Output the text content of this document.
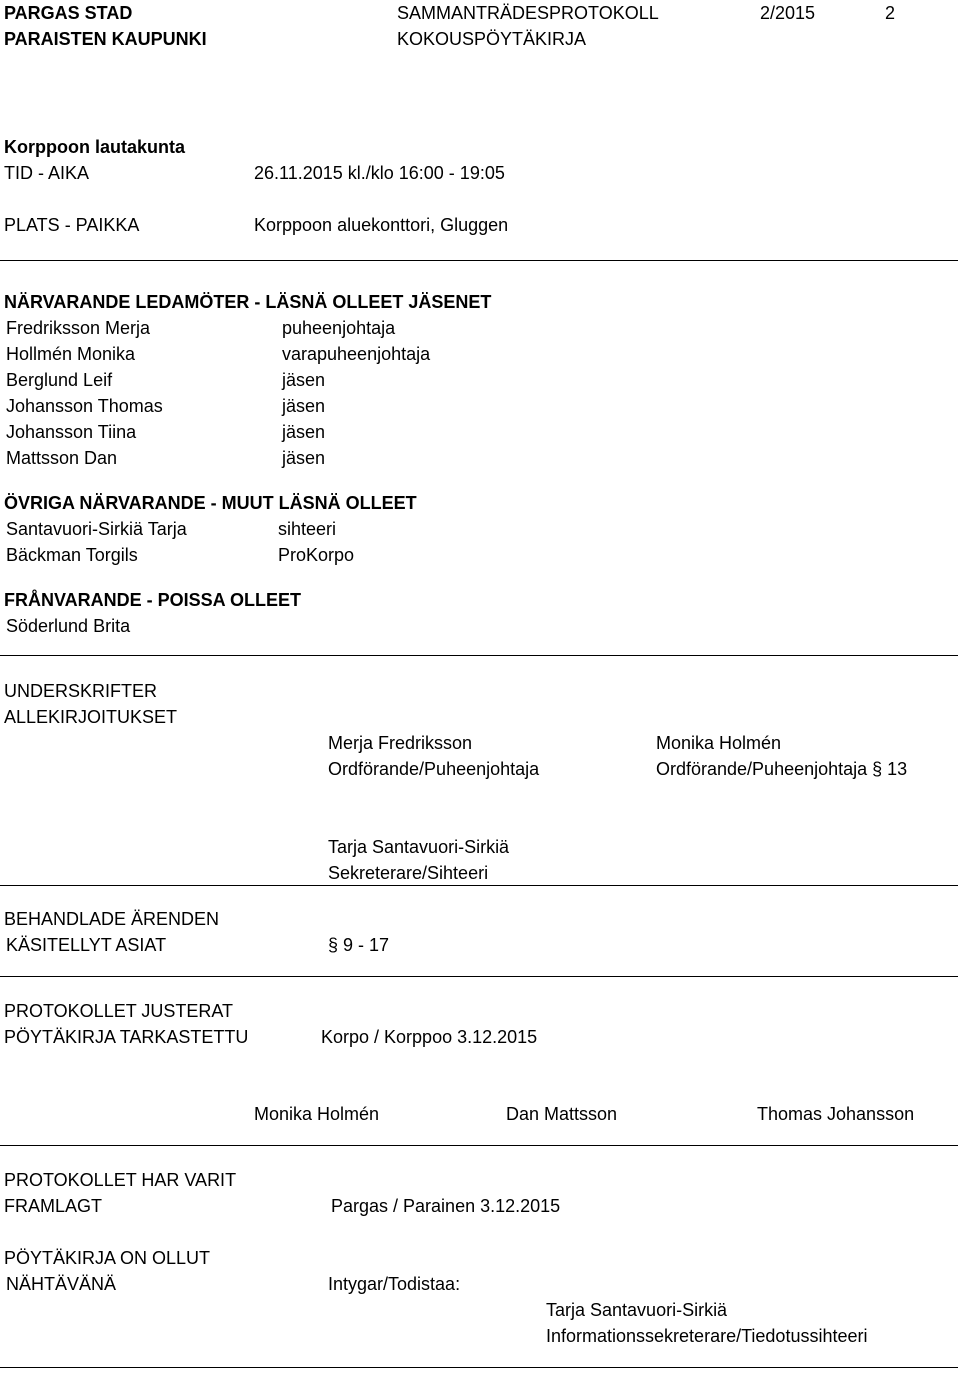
PARGAS STAD
PARAISTEN KAUPUNKI
SAMMANTRÄDESPROTOKOLL
KOKOUSPÖYTÄKIRJA
2/2015	2
Korppoon lautakunta
TID - AIKA	26.11.2015 kl./klo 16:00 - 19:05
PLATS - PAIKKA	Korppoon aluekonttori, Gluggen
NÄRVARANDE LEDAMÖTER - LÄSNÄ OLLEET JÄSENET
Fredriksson Merja	puheenjohtaja
Hollmén Monika	varapuheenjohtaja
Berglund Leif	jäsen
Johansson Thomas	jäsen
Johansson Tiina	jäsen
Mattsson Dan	jäsen
ÖVRIGA NÄRVARANDE - MUUT LÄSNÄ OLLEET
Santavuori-Sirkiä Tarja	sihteeri
Bäckman Torgils	ProKorpo
FRÅNVARANDE - POISSA OLLEET
Söderlund Brita
UNDERSKRIFTER
ALLEKIRJOITUKSET
Merja Fredriksson
Ordförande/Puheenjohtaja
Monika Holmén
Ordförande/Puheenjohtaja § 13
Tarja Santavuori-Sirkiä
Sekreterare/Sihteeri
BEHANDLADE ÄRENDEN
KÄSITELLYT ASIAT	§ 9 - 17
PROTOKOLLET JUSTERAT
PÖYTÄKIRJA TARKASTETTU	Korpo / Korppoo 3.12.2015
Monika Holmén	Dan Mattsson	Thomas Johansson
PROTOKOLLET HAR VARIT
FRAMLAGT	Pargas / Parainen 3.12.2015
PÖYTÄKIRJA ON OLLUT
NÄHTÄVÄNÄ	Intygar/Todistaa:
Tarja Santavuori-Sirkiä
Informationssekreterare/Tiedotussihteeri
